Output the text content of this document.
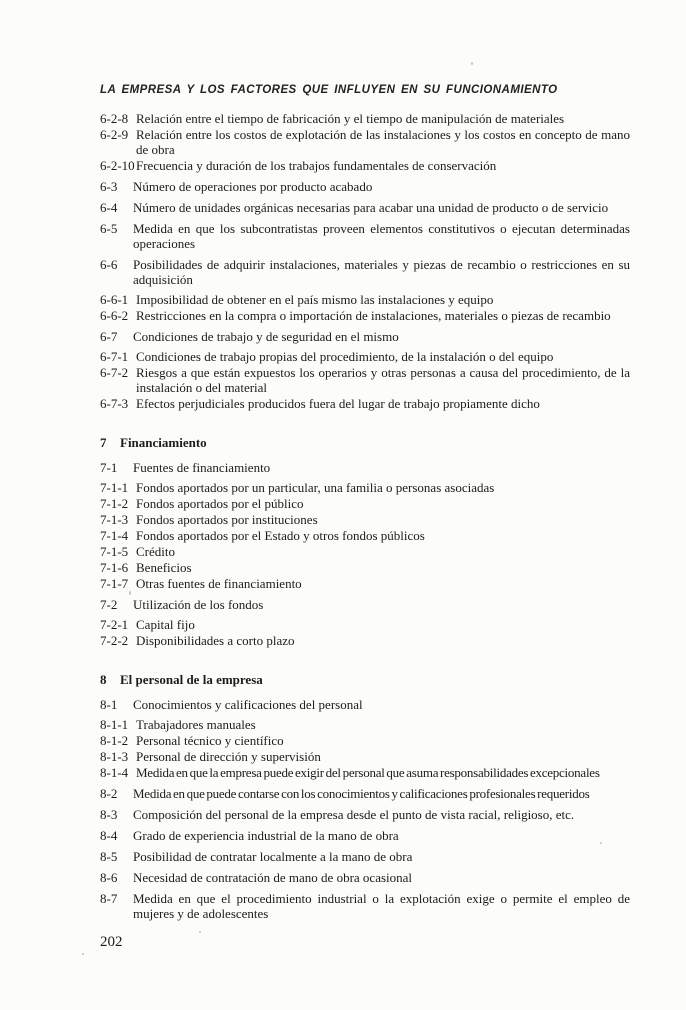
LA EMPRESA Y LOS FACTORES QUE INFLUYEN EN SU FUNCIONAMIENTO
6-2-8 Relación entre el tiempo de fabricación y el tiempo de manipulación de materiales
6-2-9 Relación entre los costos de explotación de las instalaciones y los costos en concepto de mano de obra
6-2-10 Frecuencia y duración de los trabajos fundamentales de conservación
6-3 Número de operaciones por producto acabado
6-4 Número de unidades orgánicas necesarias para acabar una unidad de producto o de servicio
6-5 Medida en que los subcontratistas proveen elementos constitutivos o ejecutan determinadas operaciones
6-6 Posibilidades de adquirir instalaciones, materiales y piezas de recambio o restricciones en su adquisición
6-6-1 Imposibilidad de obtener en el país mismo las instalaciones y equipo
6-6-2 Restricciones en la compra o importación de instalaciones, materiales o piezas de recambio
6-7 Condiciones de trabajo y de seguridad en el mismo
6-7-1 Condiciones de trabajo propias del procedimiento, de la instalación o del equipo
6-7-2 Riesgos a que están expuestos los operarios y otras personas a causa del procedimiento, de la instalación o del material
6-7-3 Efectos perjudiciales producidos fuera del lugar de trabajo propiamente dicho
7 Financiamiento
7-1 Fuentes de financiamiento
7-1-1 Fondos aportados por un particular, una familia o personas asociadas
7-1-2 Fondos aportados por el público
7-1-3 Fondos aportados por instituciones
7-1-4 Fondos aportados por el Estado y otros fondos públicos
7-1-5 Crédito
7-1-6 Beneficios
7-1-7 Otras fuentes de financiamiento
7-2 Utilización de los fondos
7-2-1 Capital fijo
7-2-2 Disponibilidades a corto plazo
8 El personal de la empresa
8-1 Conocimientos y calificaciones del personal
8-1-1 Trabajadores manuales
8-1-2 Personal técnico y científico
8-1-3 Personal de dirección y supervisión
8-1-4 Medida en que la empresa puede exigir del personal que asuma responsabilidades excepcionales
8-2 Medida en que puede contarse con los conocimientos y calificaciones profesionales requeridos
8-3 Composición del personal de la empresa desde el punto de vista racial, religioso, etc.
8-4 Grado de experiencia industrial de la mano de obra
8-5 Posibilidad de contratar localmente a la mano de obra
8-6 Necesidad de contratación de mano de obra ocasional
8-7 Medida en que el procedimiento industrial o la explotación exige o permite el empleo de mujeres y de adolescentes
202
